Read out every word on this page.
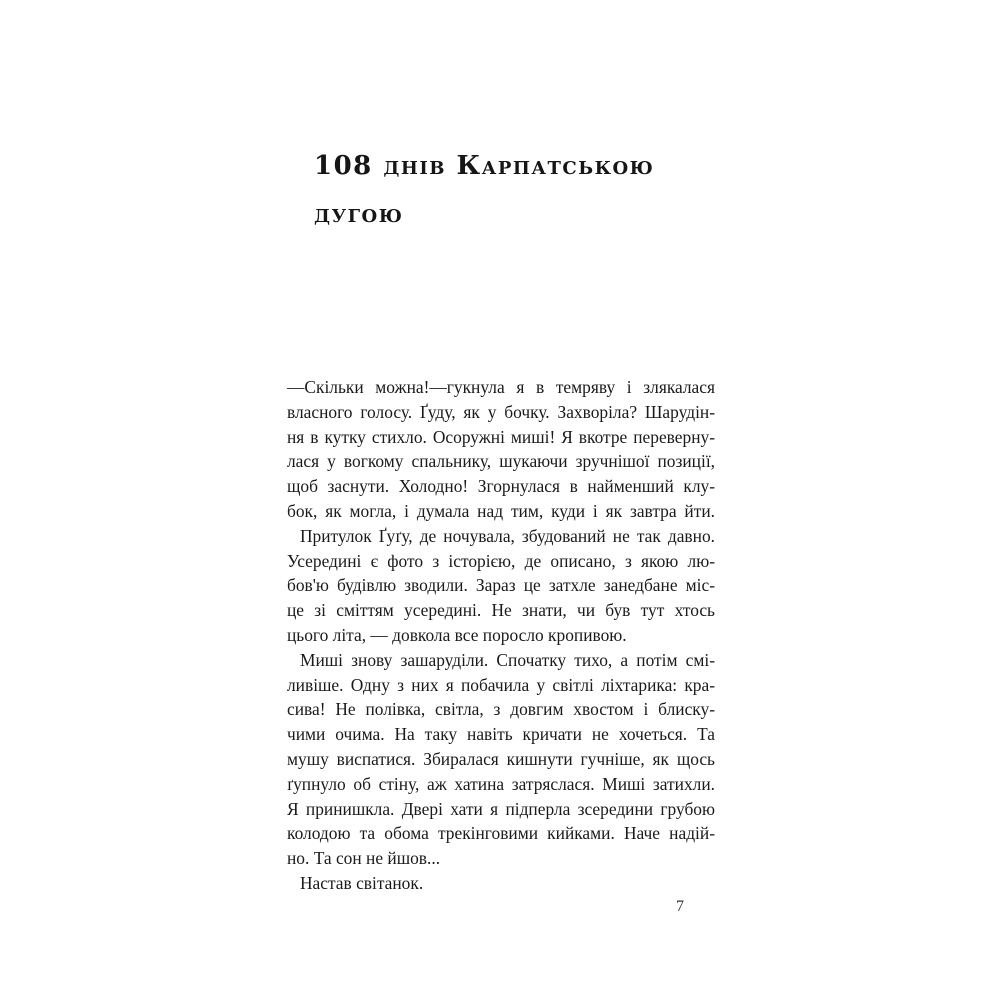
108 днів Карпатською
дугою
—Скільки можна!—гукнула я в темряву і злякалася
власного голосу. Ґуду, як у бочку. Захворіла? Шарудін-
ня в кутку стихло. Осоружні миші! Я вкотре переверну-
лася у вогкому спальнику, шукаючи зручнішої позиції,
щоб заснути. Холодно! Згорнулася в найменший клу-
бок, як могла, і думала над тим, куди і як завтра йти.
Притулок Ґуґу, де ночувала, збудований не так давно.
Усередині є фото з історією, де описано, з якою лю-
бов'ю будівлю зводили. Зараз це затхле занедбане міс-
це зі сміттям усередині. Не знати, чи був тут хтось
цього літа, — довкола все поросло кропивою.
Миші знову зашаруділи. Спочатку тихо, а потім смі-
ливіше. Одну з них я побачила у світлі ліхтарика: кра-
сива! Не полівка, світла, з довгим хвостом і блиску-
чими очима. На таку навіть кричати не хочеться. Та
мушу виспатися. Збиралася кишнути гучніше, як щось
ґупнуло об стіну, аж хатина затряслася. Миші затихли.
Я принишкла. Двері хати я підперла зсередини грубою
колодою та обома трекінговими кийками. Наче надій-
но. Та сон не йшов...
Настав світанок.
7
